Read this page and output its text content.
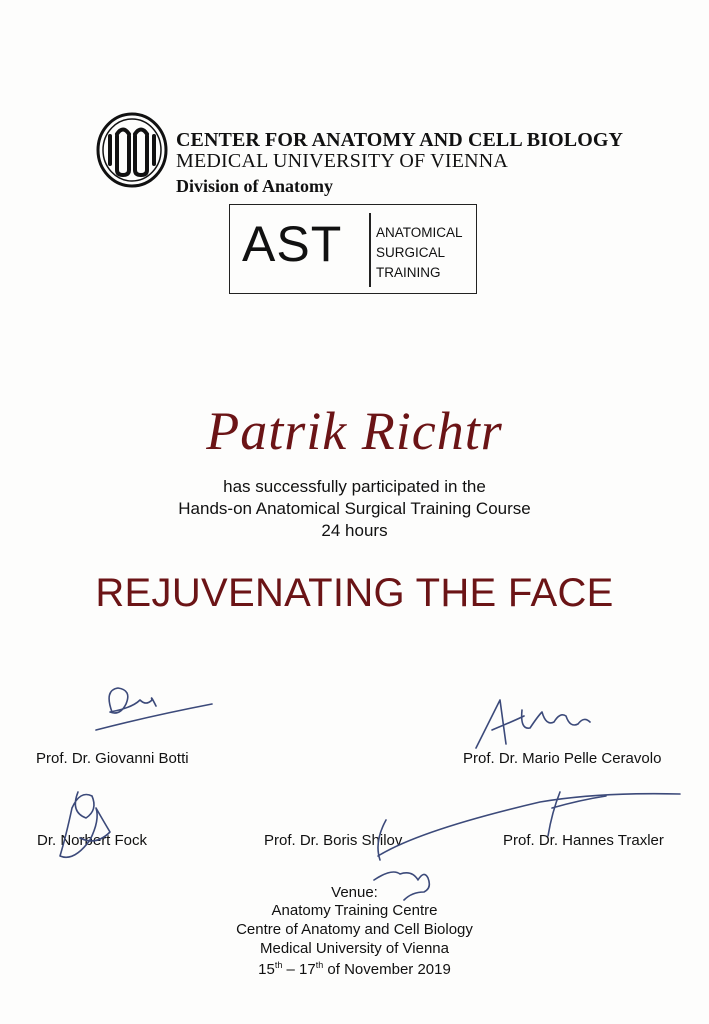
CENTER FOR ANATOMY AND CELL BIOLOGY
MEDICAL UNIVERSITY OF VIENNA
Division of Anatomy
AST	ANATOMICAL
SURGICAL
TRAINING
Patrik Richtr
has successfully participated in the
Hands-on Anatomical Surgical Training Course
24 hours
REJUVENATING THE FACE
Prof. Dr. Giovanni Botti	Prof. Dr. Mario Pelle Ceravolo
Dr. Norbert Fock	Prof. Dr. Boris Shilov	Prof. Dr. Hannes Traxler
Venue:
Anatomy Training Centre
Centre of Anatomy and Cell Biology
Medical University of Vienna
15th – 17th of November 2019
